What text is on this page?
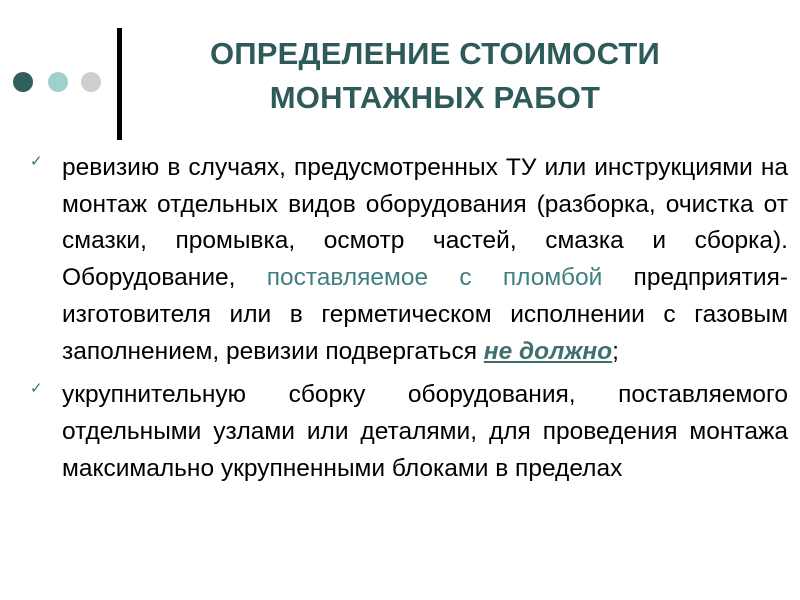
ОПРЕДЕЛЕНИЕ СТОИМОСТИ
МОНТАЖНЫХ РАБОТ
✓ ревизию в случаях, предусмотренных ТУ или инструкциями на монтаж отдельных видов оборудования (разборка, очистка от смазки, промывка, осмотр частей, смазка и сборка). Оборудование, поставляемое с пломбой предприятия-изготовителя или в герметическом исполнении с газовым заполнением, ревизии подвергаться не должно;
✓ укрупнительную сборку оборудования, поставляемого отдельными узлами или деталями, для проведения монтажа максимально укрупненными блоками в пределах
